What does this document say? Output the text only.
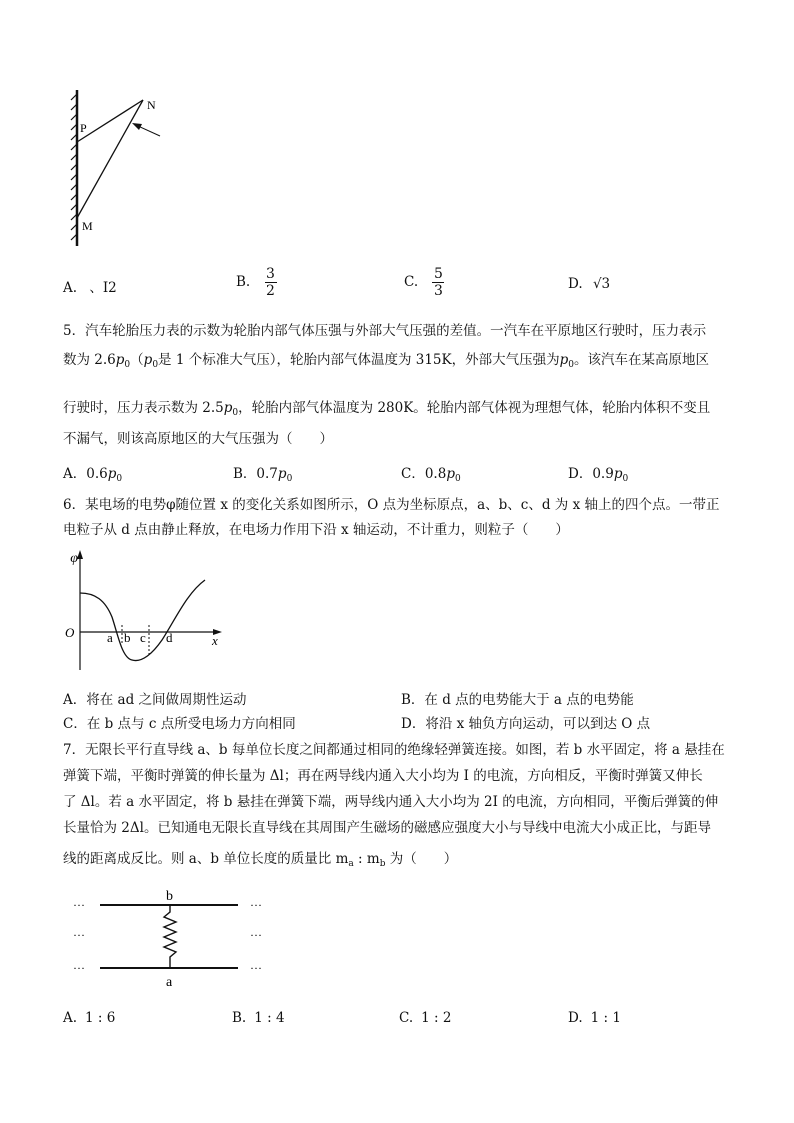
N
P
M
A. 、I2	B. $\frac{3}{2}$	C. $\frac{5}{3}$	D. √3
5．汽车轮胎压力表的示数为轮胎内部气体压强与外部大气压强的差值。一汽车在平原地区行驶时，压力表示
数为 $2.6p_0(p_0$是 1 个标准大气压），轮胎内部气体温度为 315K，外部大气压强为$p_0$。该汽车在某高原地区
行驶时，压力表示数为 $2.5p_0$，轮胎内部气体温度为 280K。轮胎内部气体视为理想气体，轮胎内体积不变且
不漏气，则该高原地区的大气压强为（　　）
A．$0.6p_0$	B．$0.7p_0$	C．$0.8p_0$	D．$0.9p_0$
6．某电场的电势φ随位置 x 的变化关系如图所示，O 点为坐标原点，a、b、c、d 为 x 轴上的四个点。一带正
电粒子从 d 点由静止释放，在电场力作用下沿 x 轴运动，不计重力，则粒子（　　）
φ
O
x
a b c d
A．将在 ad 之间做周期性运动	B．在 d 点的电势能大于 a 点的电势能
C．在 b 点与 c 点所受电场力方向相同	D．将沿 x 轴负方向运动，可以到达 O 点
7．无限长平行直导线 a、b 每单位长度之间都通过相同的绝缘轻弹簧连接。如图，若 b 水平固定，将 a 悬挂在
弹簧下端，平衡时弹簧的伸长量为 Δl；再在两导线内通入大小均为 I 的电流，方向相反，平衡时弹簧又伸长
了 Δl。若 a 水平固定，将 b 悬挂在弹簧下端，两导线内通入大小均为 2I 的电流，方向相同，平衡后弹簧的伸
长量恰为 2Δl。已知通电无限长直导线在其周围产生磁场的磁感应强度大小与导线中电流大小成正比，与距导
线的距离成反比。则 a、b 单位长度的质量比 $m_a$ : $m_b$ 为（　　）
···
···
···
···
···
···
b
a
A. 1 : 6	B. 1 : 4	C. 1 : 2	D. 1 : 1
